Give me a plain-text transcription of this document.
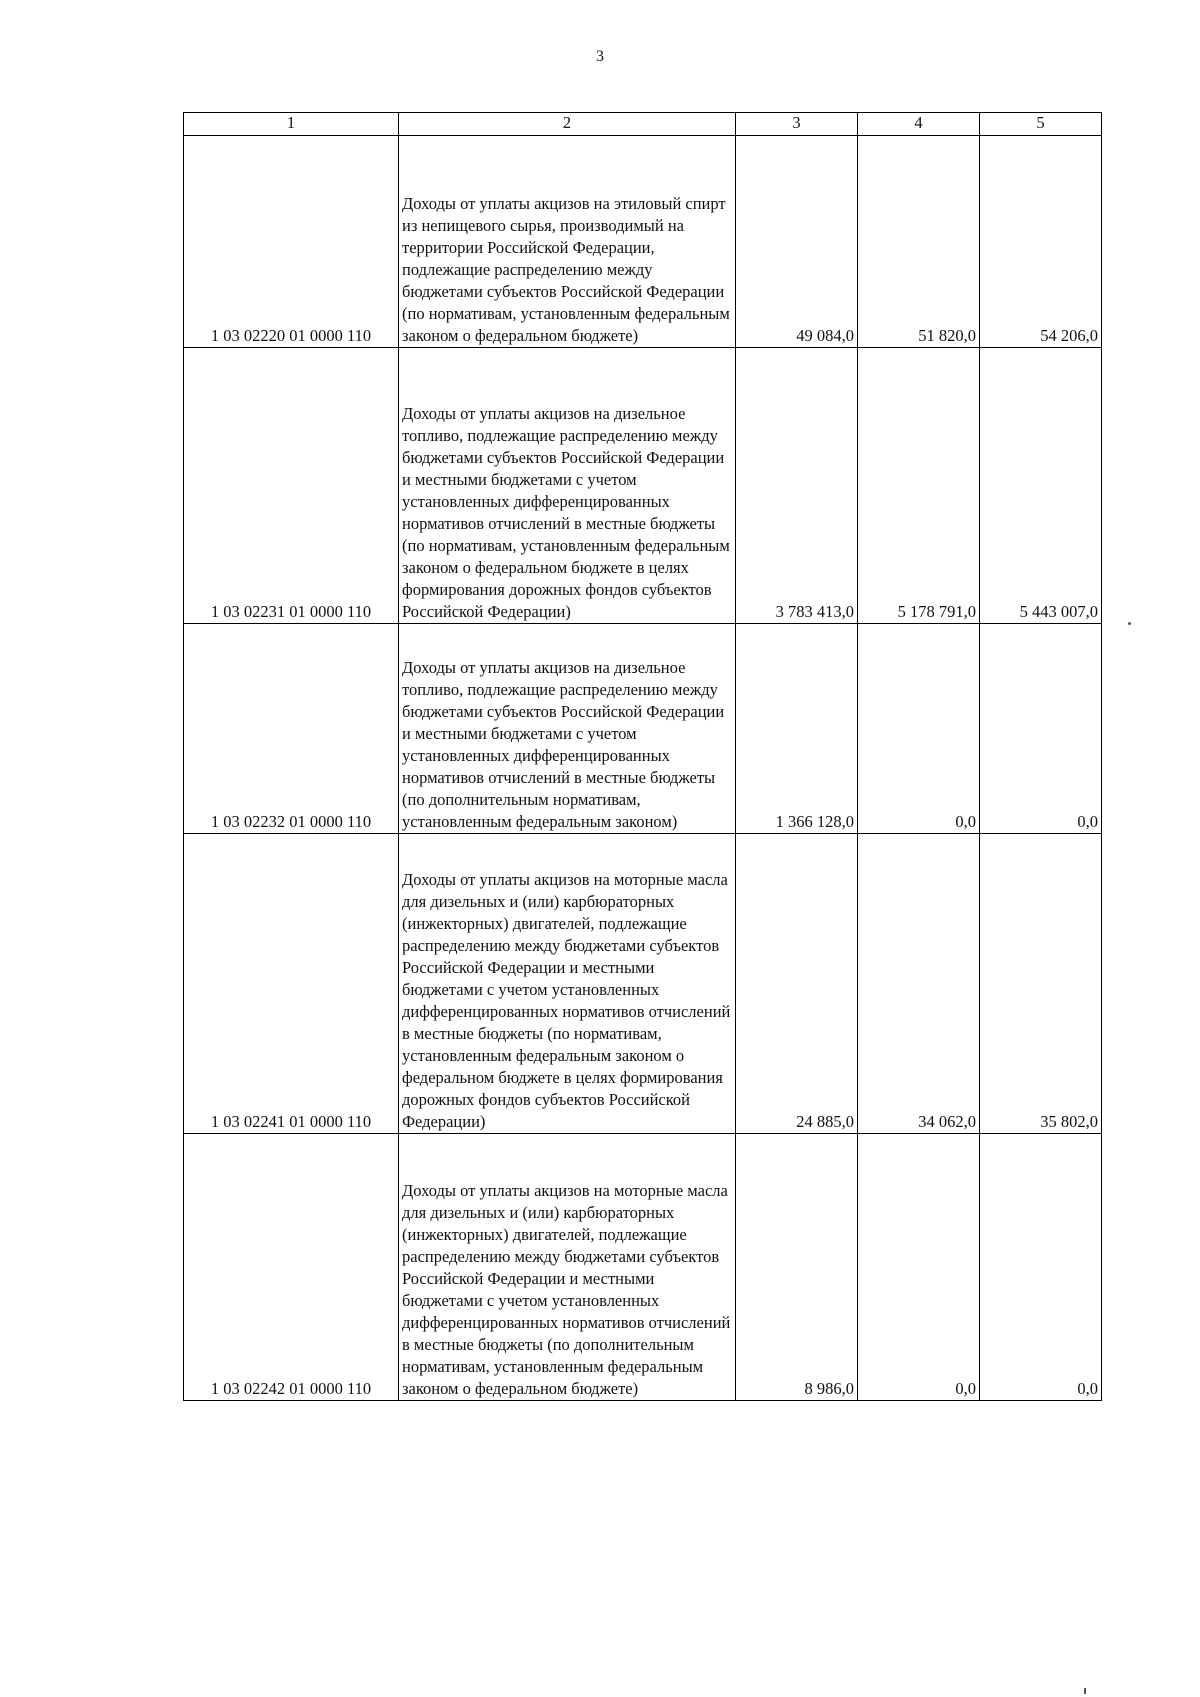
3
1	2	3	4	5
1 03 02220 01 0000 110	Доходы от уплаты акцизов на этиловый спирт из непищевого сырья, производимый на территории Российской Федерации, подлежащие распределению между бюджетами субъектов Российской Федерации (по нормативам, установленным федеральным законом о федеральном бюджете)	49 084,0	51 820,0	54 206,0
1 03 02231 01 0000 110	Доходы от уплаты акцизов на дизельное топливо, подлежащие распределению между бюджетами субъектов Российской Федерации и местными бюджетами с учетом установленных дифференцированных нормативов отчислений в местные бюджеты (по нормативам, установленным федеральным законом о федеральном бюджете в целях формирования дорожных фондов субъектов Российской Федерации)	3 783 413,0	5 178 791,0	5 443 007,0
1 03 02232 01 0000 110	Доходы от уплаты акцизов на дизельное топливо, подлежащие распределению между бюджетами субъектов Российской Федерации и местными бюджетами с учетом установленных дифференцированных нормативов отчислений в местные бюджеты (по дополнительным нормативам, установленным федеральным законом)	1 366 128,0	0,0	0,0
1 03 02241 01 0000 110	Доходы от уплаты акцизов на моторные масла для дизельных и (или) карбюраторных (инжекторных) двигателей, подлежащие распределению между бюджетами субъектов Российской Федерации и местными бюджетами с учетом установленных дифференцированных нормативов отчислений в местные бюджеты (по нормативам, установленным федеральным законом о федеральном бюджете в целях формирования дорожных фондов субъектов Российской Федерации)	24 885,0	34 062,0	35 802,0
1 03 02242 01 0000 110	Доходы от уплаты акцизов на моторные масла для дизельных и (или) карбюраторных (инжекторных) двигателей, подлежащие распределению между бюджетами субъектов Российской Федерации и местными бюджетами с учетом установленных дифференцированных нормативов отчислений в местные бюджеты (по дополнительным нормативам, установленным федеральным законом о федеральном бюджете)	8 986,0	0,0	0,0
